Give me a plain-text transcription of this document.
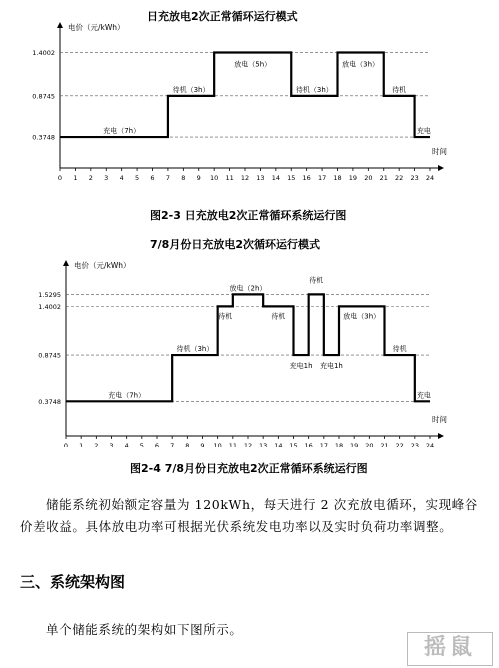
日充放电2次正常循环运行模式
电价（元/kWh）
时间
0 1 2 3 4 5 6 7 8 9 10 11 12 13 14 15 16 17 18 19 20 21 22 23 24
0.3748
0.8745
1.4002
充电（7h）
待机（3h）
放电（5h）
待机（3h）
放电（3h）
待机
充电
图2-3 日充放电2次正常循环系统运行图
7/8月份日充放电2次循环运行模式
电价（元/kWh）
时间
0 1 2 3 4 5 6 7 8 9 10 11 12 13 14 15 16 17 18 19 20 21 22 23 24
0.3748
0.8745
1.4002
1.5295
充电（7h）
待机（3h）
待机
放电（2h）
待机
待机
充电1h 充电1h
放电（3h）
待机
充电
图2-4 7/8月份日充放电2次正常循环系统运行图
储能系统初始额定容量为 120kWh，每天进行 2 次充放电循环，实现峰谷价差收益。具体放电功率可根据光伏系统发电功率以及实时负荷功率调整。
三、系统架构图
单个储能系统的架构如下图所示。
摇鼠
